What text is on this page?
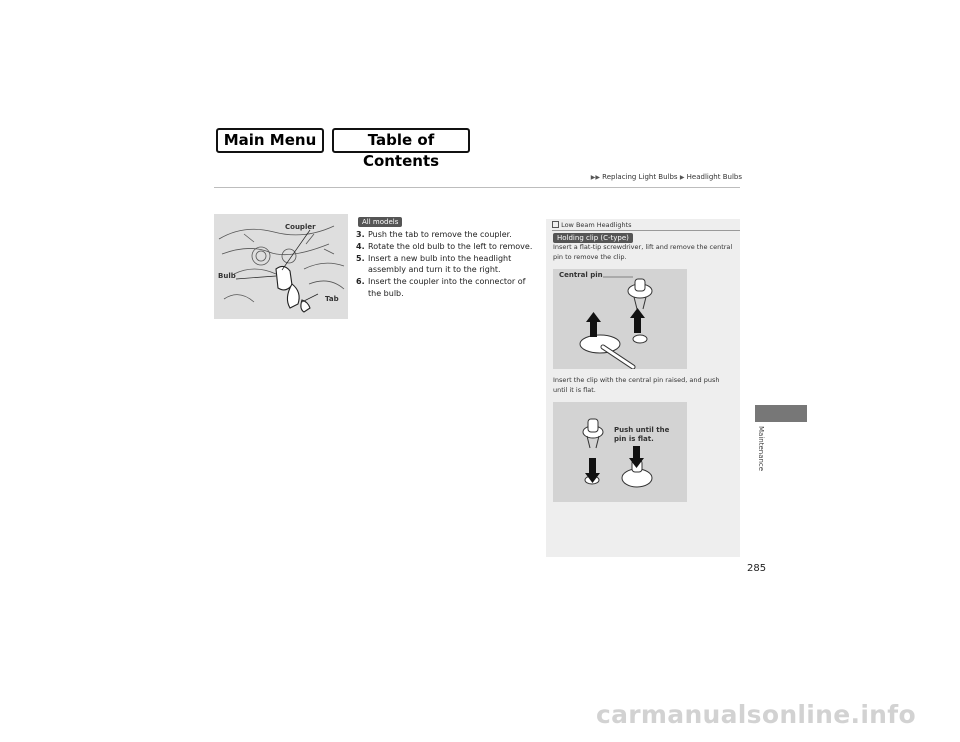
Main Menu	Table of Contents
▶▶ Replacing Light Bulbs ▶ Headlight Bulbs
Coupler
Bulb
Tab
All models
3. Push the tab to remove the coupler.
4. Rotate the old bulb to the left to remove.
5. Insert a new bulb into the headlight assembly and turn it to the right.
6. Insert the coupler into the connector of the bulb.
Low Beam Headlights
Holding clip (C-type)
Insert a flat-tip screwdriver, lift and remove the central pin to remove the clip.
Central pin
Insert the clip with the central pin raised, and push until it is flat.
Push until the pin is flat.	Maintenance
285
carmanualsonline.info
